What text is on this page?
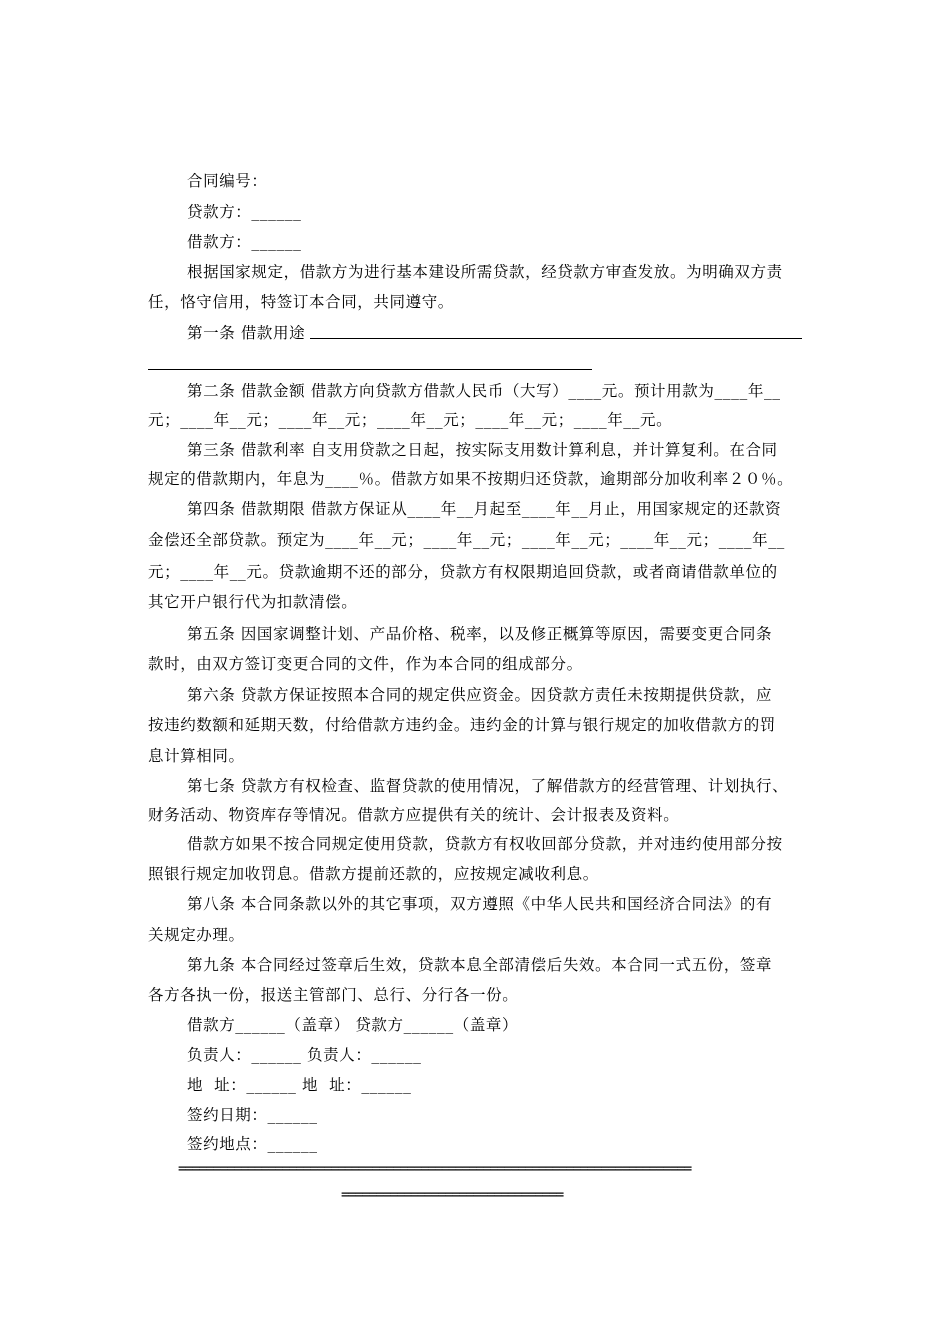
合同编号：
贷款方：______
借款方：______
根据国家规定，借款方为进行基本建设所需贷款，经贷款方审查发放。为明确双方责
任，恪守信用，特签订本合同，共同遵守。
第一条 借款用途
第二条 借款金额 借款方向贷款方借款人民币（大写）____元。预计用款为____年__
元；____年__元；____年__元；____年__元；____年__元；____年__元。
第三条 借款利率 自支用贷款之日起，按实际支用数计算利息，并计算复利。在合同
规定的借款期内，年息为____％。借款方如果不按期归还贷款，逾期部分加收利率２０％。
第四条 借款期限 借款方保证从____年__月起至____年__月止，用国家规定的还款资
金偿还全部贷款。预定为____年__元；____年__元；____年__元；____年__元；____年__
元；____年__元。贷款逾期不还的部分，贷款方有权限期追回贷款，或者商请借款单位的
其它开户银行代为扣款清偿。
第五条 因国家调整计划、产品价格、税率，以及修正概算等原因，需要变更合同条
款时，由双方签订变更合同的文件，作为本合同的组成部分。
第六条 贷款方保证按照本合同的规定供应资金。因贷款方责任未按期提供贷款，应
按违约数额和延期天数，付给借款方违约金。违约金的计算与银行规定的加收借款方的罚
息计算相同。
第七条 贷款方有权检查、监督贷款的使用情况，了解借款方的经营管理、计划执行、
财务活动、物资库存等情况。借款方应提供有关的统计、会计报表及资料。
借款方如果不按合同规定使用贷款，贷款方有权收回部分贷款，并对违约使用部分按
照银行规定加收罚息。借款方提前还款的，应按规定减收利息。
第八条 本合同条款以外的其它事项，双方遵照《中华人民共和国经济合同法》的有
关规定办理。
第九条 本合同经过签章后生效，贷款本息全部清偿后失效。本合同一式五份，签章
各方各执一份，报送主管部门、总行、分行各一份。
借款方______（盖章） 贷款方______（盖章）
负责人：______ 负责人：______
地  址：______ 地  址：______
签约日期：______
签约地点：______
==========================================================================
================================
